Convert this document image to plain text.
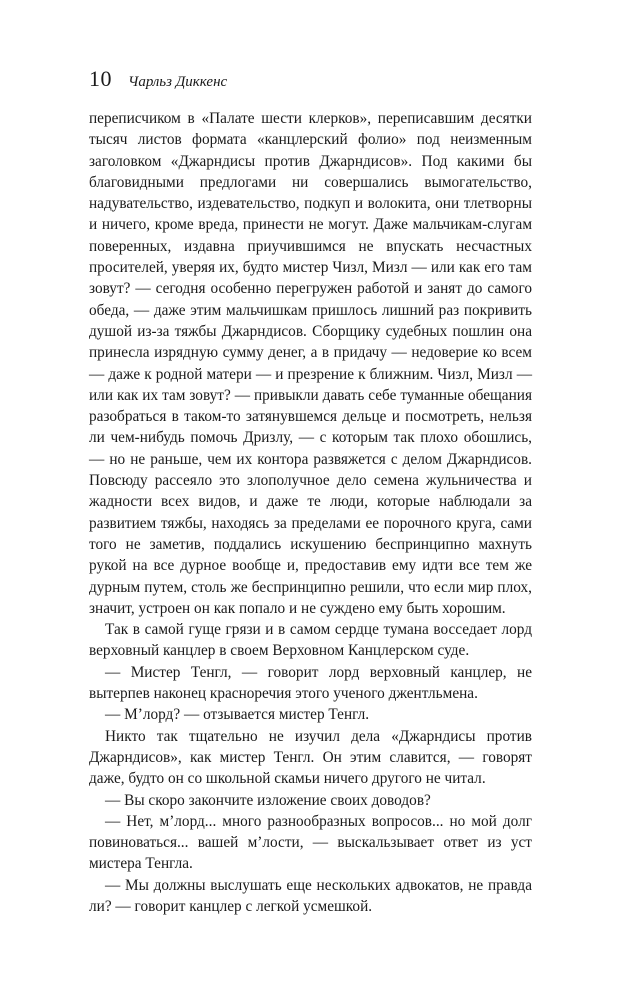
10 Чарльз Диккенс

переписчиком в «Палате шести клерков», переписавшим десятки тысяч листов формата «канцлерский фолио» под неизменным заголовком «Джарндисы против Джарндисов». Под какими бы благовидными предлогами ни совершались вымогательство, надувательство, издевательство, подкуп и волокита, они тлетворны и ничего, кроме вреда, принести не могут. Даже мальчикам-слугам поверенных, издавна приучившимся не впускать несчастных просителей, уверяя их, будто мистер Чизл, Мизл — или как его там зовут? — сегодня особенно перегружен работой и занят до самого обеда, — даже этим мальчишкам пришлось лишний раз покривить душой из-за тяжбы Джарндисов. Сборщику судебных пошлин она принесла изрядную сумму денег, а в придачу — недоверие ко всем — даже к родной матери — и презрение к ближним. Чизл, Мизл — или как их там зовут? — привыкли давать себе туманные обещания разобраться в таком-то затянувшемся дельце и посмотреть, нельзя ли чем-нибудь помочь Дризлу, — с которым так плохо обошлись, — но не раньше, чем их контора развяжется с делом Джарндисов. Повсюду рассеяло это злополучное дело семена жульничества и жадности всех видов, и даже те люди, которые наблюдали за развитием тяжбы, находясь за пределами ее порочного круга, сами того не заметив, поддались искушению беспринципно махнуть рукой на все дурное вообще и, предоставив ему идти все тем же дурным путем, столь же беспринципно решили, что если мир плох, значит, устроен он как попало и не суждено ему быть хорошим.

Так в самой гуще грязи и в самом сердце тумана восседает лорд верховный канцлер в своем Верховном Канцлерском суде.

— Мистер Тенгл, — говорит лорд верховный канцлер, не вытерпев наконец красноречия этого ученого джентльмена.

— М’лорд? — отзывается мистер Тенгл.

Никто так тщательно не изучил дела «Джарндисы против Джарндисов», как мистер Тенгл. Он этим славится, — говорят даже, будто он со школьной скамьи ничего другого не читал.

— Вы скоро закончите изложение своих доводов?

— Нет, м’лорд... много разнообразных вопросов... но мой долг повиноваться... вашей м’лости, — выскальзывает ответ из уст мистера Тенгла.

— Мы должны выслушать еще нескольких адвокатов, не правда ли? — говорит канцлер с легкой усмешкой.
